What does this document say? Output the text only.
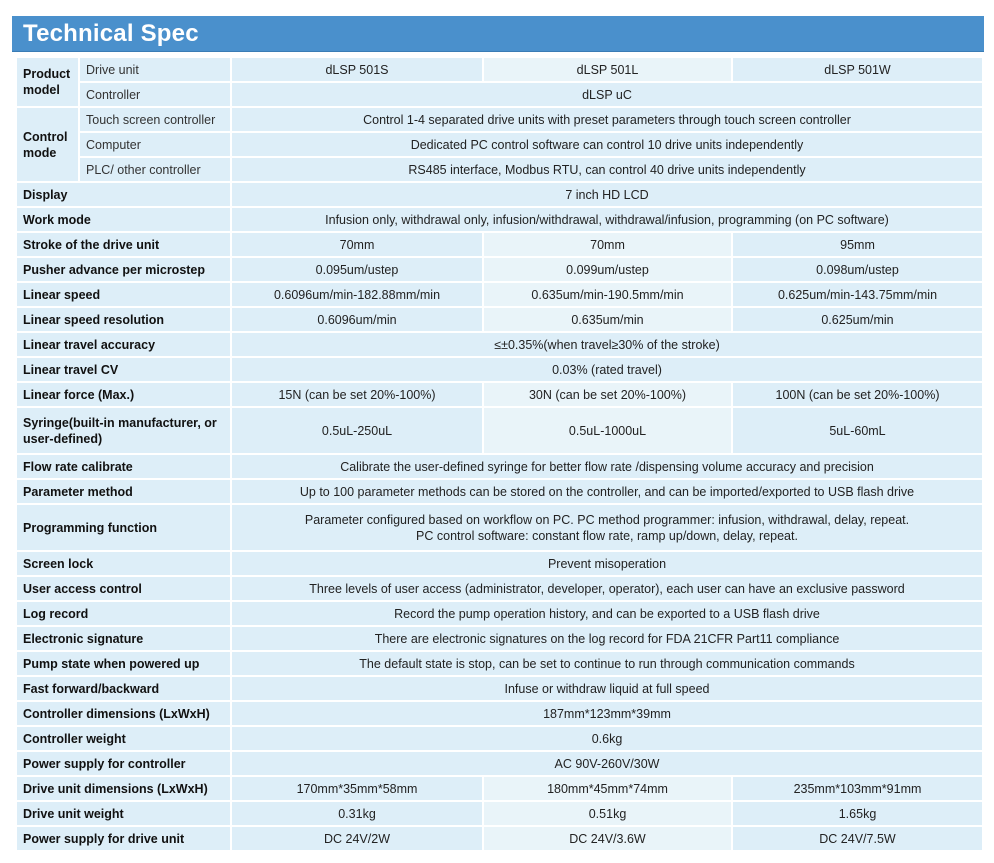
Technical Spec
Product model	Drive unit	dLSP 501S	dLSP 501L	dLSP 501W
	Controller	dLSP uC		
Control mode	Touch screen controller	Control 1-4 separated drive units with preset parameters through touch screen controller		
	Computer	Dedicated PC control software can control 10 drive units independently		
	PLC/ other controller	RS485 interface, Modbus RTU, can control 40 drive units independently		
Display		7 inch HD LCD		
Work mode		Infusion only, withdrawal only, infusion/withdrawal, withdrawal/infusion, programming (on PC software)		
Stroke of the drive unit		70mm	70mm	95mm
Pusher advance per microstep		0.095um/ustep	0.099um/ustep	0.098um/ustep
Linear speed		0.6096um/min-182.88mm/min	0.635um/min-190.5mm/min	0.625um/min-143.75mm/min
Linear speed resolution		0.6096um/min	0.635um/min	0.625um/min
Linear travel accuracy		≤±0.35%(when travel≥30% of the stroke)		
Linear travel CV		0.03% (rated travel)		
Linear force (Max.)		15N (can be set 20%-100%)	30N (can be set 20%-100%)	100N (can be set 20%-100%)
Syringe(built-in manufacturer, or user-defined)		0.5uL-250uL	0.5uL-1000uL	5uL-60mL
Flow rate calibrate		Calibrate the user-defined syringe for better flow rate /dispensing volume accuracy and precision		
Parameter method		Up to 100 parameter methods can be stored on the controller, and can be imported/exported to USB flash drive		
Programming function		Parameter configured based on workflow on PC. PC method programmer: infusion, withdrawal, delay, repeat.
PC control software: constant flow rate, ramp up/down, delay, repeat.		

Screen lock		Prevent misoperation		
User access control		Three levels of user access (administrator, developer, operator), each user can have an exclusive password		
Log record		Record the pump operation history, and can be exported to a USB flash drive		
Electronic signature		There are electronic signatures on the log record for FDA 21CFR Part11 compliance		
Pump state when powered up		The default state is stop, can be set to continue to run through communication commands		
Fast forward/backward		Infuse or withdraw liquid at full speed		
Controller dimensions (LxWxH)		187mm*123mm*39mm		
Controller weight		0.6kg		
Power supply for controller		AC 90V-260V/30W		
Drive unit dimensions (LxWxH)		170mm*35mm*58mm	180mm*45mm*74mm	235mm*103mm*91mm
Drive unit weight		0.31kg	0.51kg	1.65kg
Power supply for drive unit		DC 24V/2W	DC 24V/3.6W	DC 24V/7.5W
